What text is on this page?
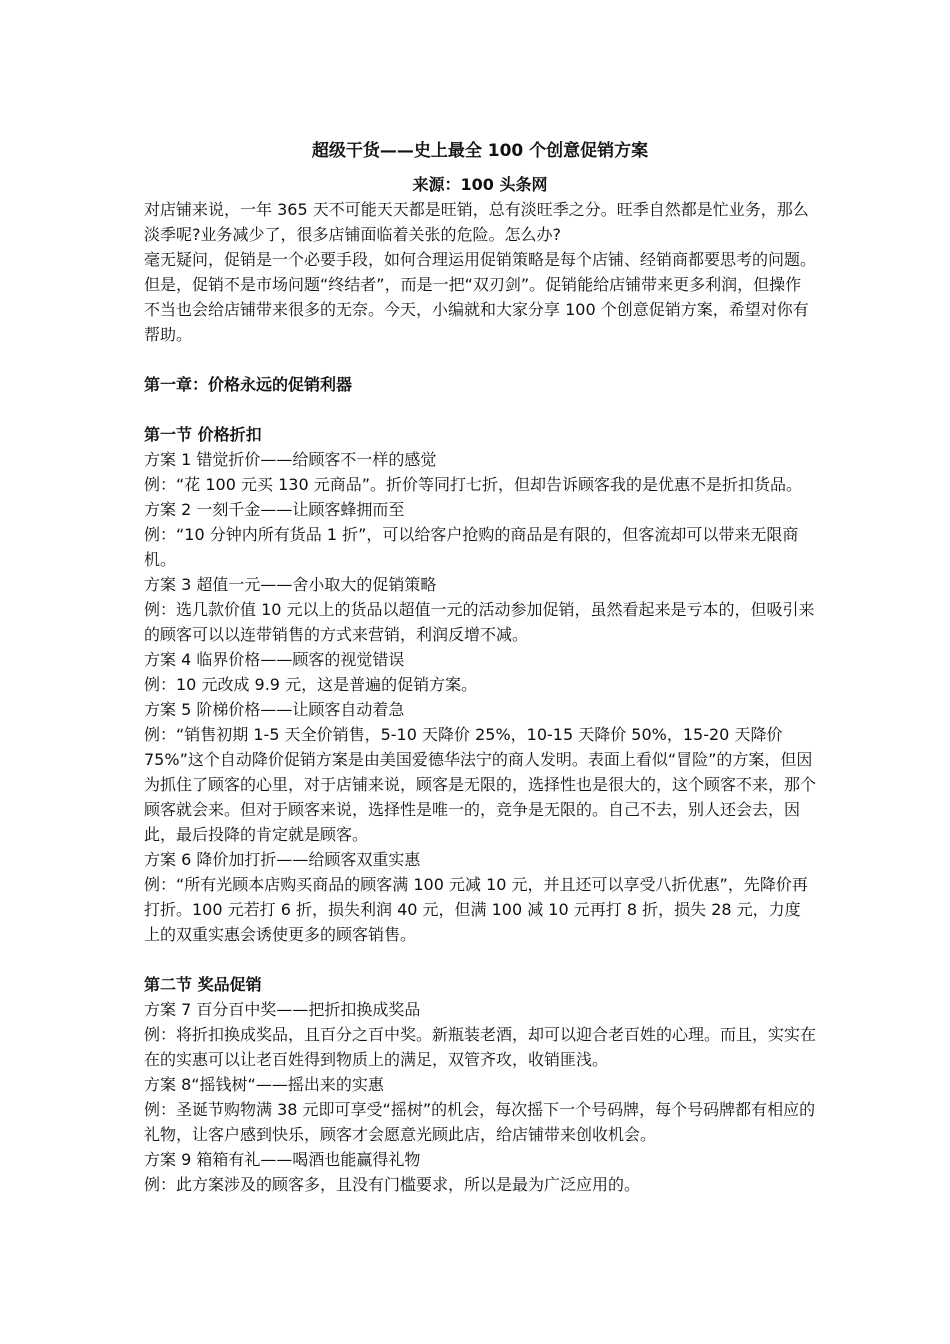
超级干货——史上最全 100 个创意促销方案

来源：100 头条网

对店铺来说，一年 365 天不可能天天都是旺销，总有淡旺季之分。旺季自然都是忙业务，那么淡季呢?业务减少了，很多店铺面临着关张的危险。怎么办?

毫无疑问，促销是一个必要手段，如何合理运用促销策略是每个店铺、经销商都要思考的问题。但是，促销不是市场问题“终结者”，而是一把“双刃剑”。促销能给店铺带来更多利润，但操作不当也会给店铺带来很多的无奈。今天，小编就和大家分享 100 个创意促销方案，希望对你有帮助。

第一章：价格永远的促销利器

第一节 价格折扣

方案 1 错觉折价——给顾客不一样的感觉

例：“花 100 元买 130 元商品”。折价等同打七折，但却告诉顾客我的是优惠不是折扣货品。

方案 2 一刻千金——让顾客蜂拥而至

例：“10 分钟内所有货品 1 折”，可以给客户抢购的商品是有限的，但客流却可以带来无限商机。

方案 3 超值一元——舍小取大的促销策略

例：选几款价值 10 元以上的货品以超值一元的活动参加促销，虽然看起来是亏本的，但吸引来的顾客可以以连带销售的方式来营销，利润反增不减。

方案 4 临界价格——顾客的视觉错误

例：10 元改成 9.9 元，这是普遍的促销方案。

方案 5 阶梯价格——让顾客自动着急

例：“销售初期 1-5 天全价销售，5-10 天降价 25%，10-15 天降价 50%，15-20 天降价 75%”这个自动降价促销方案是由美国爱德华法宁的商人发明。表面上看似“冒险”的方案，但因为抓住了顾客的心里，对于店铺来说，顾客是无限的，选择性也是很大的，这个顾客不来，那个顾客就会来。但对于顾客来说，选择性是唯一的，竞争是无限的。自己不去，别人还会去，因此，最后投降的肯定就是顾客。

方案 6 降价加打折——给顾客双重实惠

例：“所有光顾本店购买商品的顾客满 100 元减 10 元，并且还可以享受八折优惠”，先降价再打折。100 元若打 6 折，损失利润 40 元，但满 100 减 10 元再打 8 折，损失 28 元，力度上的双重实惠会诱使更多的顾客销售。

第二节 奖品促销

方案 7 百分百中奖——把折扣换成奖品

例：将折扣换成奖品，且百分之百中奖。新瓶装老酒，却可以迎合老百姓的心理。而且，实实在在的实惠可以让老百姓得到物质上的满足，双管齐攻，收销匪浅。

方案 8“摇钱树“——摇出来的实惠

例：圣诞节购物满 38 元即可享受“摇树”的机会，每次摇下一个号码牌，每个号码牌都有相应的礼物，让客户感到快乐，顾客才会愿意光顾此店，给店铺带来创收机会。

方案 9 箱箱有礼——喝酒也能赢得礼物

例：此方案涉及的顾客多，且没有门槛要求，所以是最为广泛应用的。
